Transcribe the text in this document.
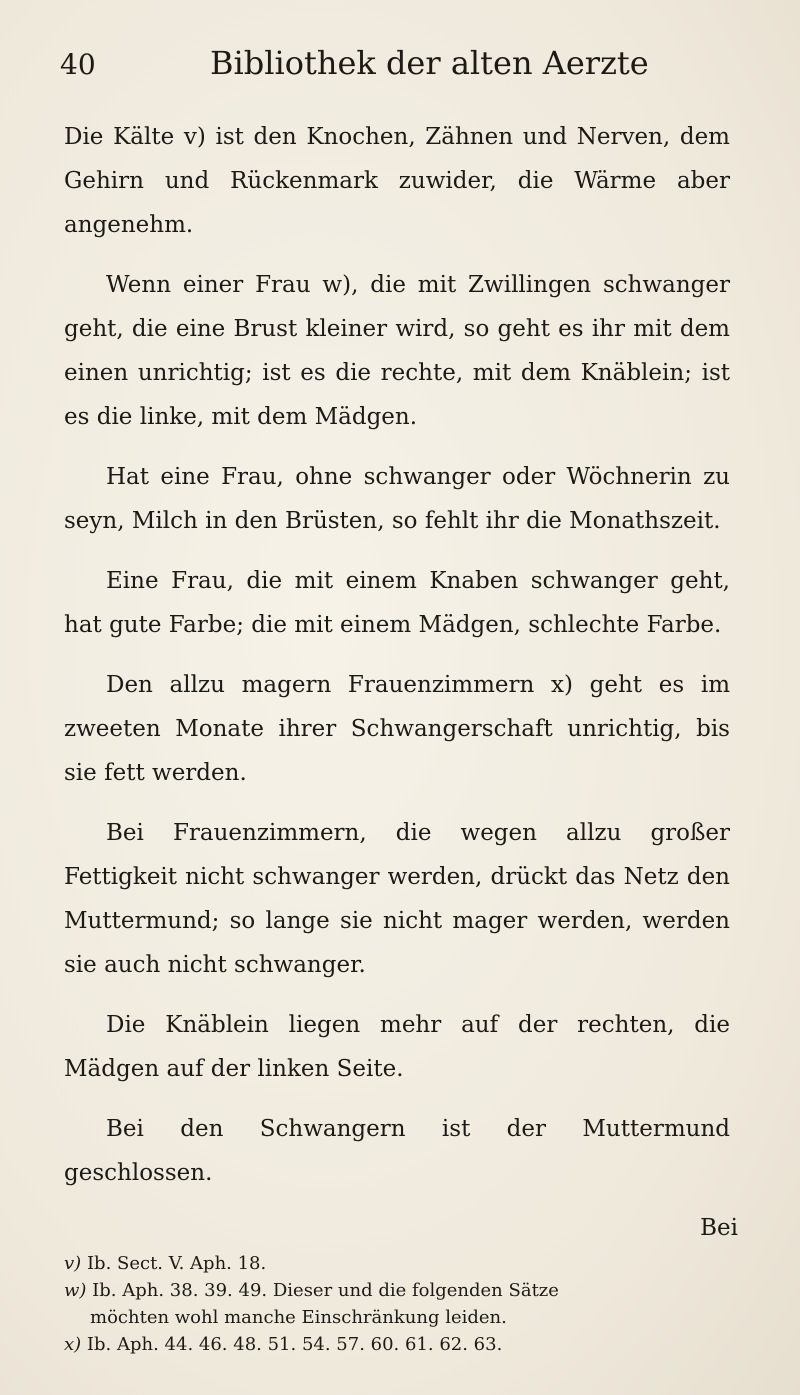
40	Bibliothek der alten Aerzte

Die Kälte v) ist den Knochen, Zähnen und Nerven, dem Gehirn und Rückenmark zuwider, die Wärme aber angenehm.

Wenn einer Frau w), die mit Zwillingen schwanger geht, die eine Brust kleiner wird, so geht es ihr mit dem einen unrichtig; ist es die rechte, mit dem Knäblein; ist es die linke, mit dem Mädgen.

Hat eine Frau, ohne schwanger oder Wöchnerin zu seyn, Milch in den Brüsten, so fehlt ihr die Monathszeit.

Eine Frau, die mit einem Knaben schwanger geht, hat gute Farbe; die mit einem Mädgen, schlechte Farbe.

Den allzu magern Frauenzimmern x) geht es im zweeten Monate ihrer Schwangerschaft unrichtig, bis sie fett werden.

Bei Frauenzimmern, die wegen allzu großer Fettigkeit nicht schwanger werden, drückt das Netz den Muttermund; so lange sie nicht mager werden, werden sie auch nicht schwanger.

Die Knäblein liegen mehr auf der rechten, die Mädgen auf der linken Seite.

Bei den Schwangern ist der Muttermund geschlossen.

Bei

v) Ib. Sect. V. Aph. 18.

w) Ib. Aph. 38. 39. 49. Dieser und die folgenden Sätze

möchten wohl manche Einschränkung leiden.

x) Ib. Aph. 44. 46. 48. 51. 54. 57. 60. 61. 62. 63.
